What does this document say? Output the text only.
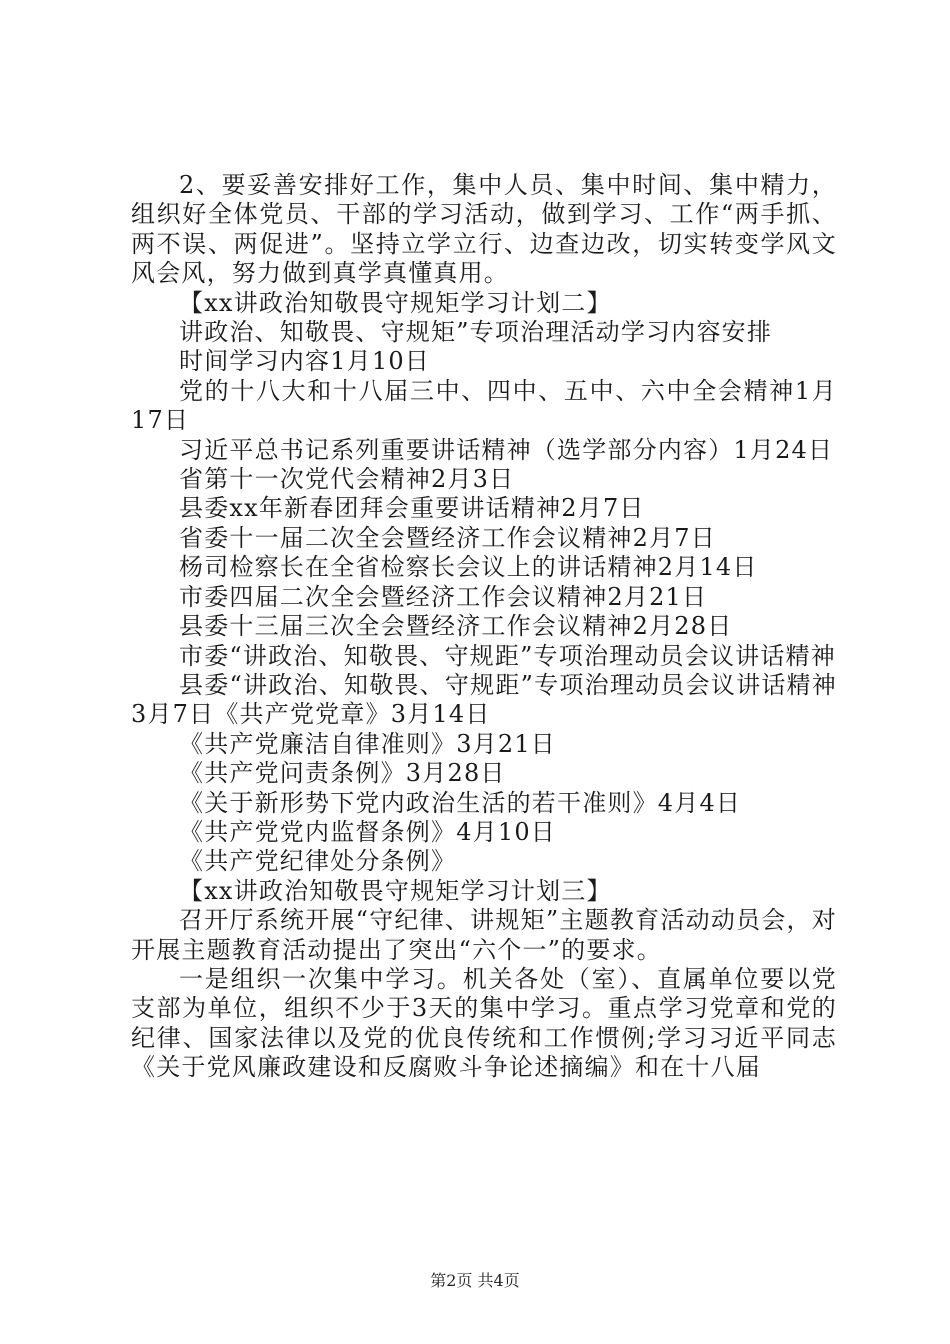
2、要妥善安排好工作，集中人员、集中时间、集中精力，组织好全体党员、干部的学习活动，做到学习、工作“两手抓、两不误、两促进”。坚持立学立行、边查边改，切实转变学风文风会风，努力做到真学真懂真用。

【xx讲政治知敬畏守规矩学习计划二】

讲政治、知敬畏、守规矩”专项治理活动学习内容安排

时间学习内容1月10日

党的十八大和十八届三中、四中、五中、六中全会精神1月17日

习近平总书记系列重要讲话精神（选学部分内容）1月24日

省第十一次党代会精神2月3日

县委xx年新春团拜会重要讲话精神2月7日

省委十一届二次全会暨经济工作会议精神2月7日

杨司检察长在全省检察长会议上的讲话精神2月14日

市委四届二次全会暨经济工作会议精神2月21日

县委十三届三次全会暨经济工作会议精神2月28日

市委“讲政治、知敬畏、守规距”专项治理动员会议讲话精神

县委“讲政治、知敬畏、守规距”专项治理动员会议讲话精神3月7日《共产党党章》3月14日

《共产党廉洁自律准则》3月21日

《共产党问责条例》3月28日

《关于新形势下党内政治生活的若干准则》4月4日

《共产党党内监督条例》4月10日

《共产党纪律处分条例》

【xx讲政治知敬畏守规矩学习计划三】

召开厅系统开展“守纪律、讲规矩”主题教育活动动员会，对开展主题教育活动提出了突出“六个一”的要求。

一是组织一次集中学习。机关各处（室）、直属单位要以党支部为单位，组织不少于3天的集中学习。重点学习党章和党的纪律、国家法律以及党的优良传统和工作惯例;学习习近平同志《关于党风廉政建设和反腐败斗争论述摘编》和在十八届

第2页 共4页
